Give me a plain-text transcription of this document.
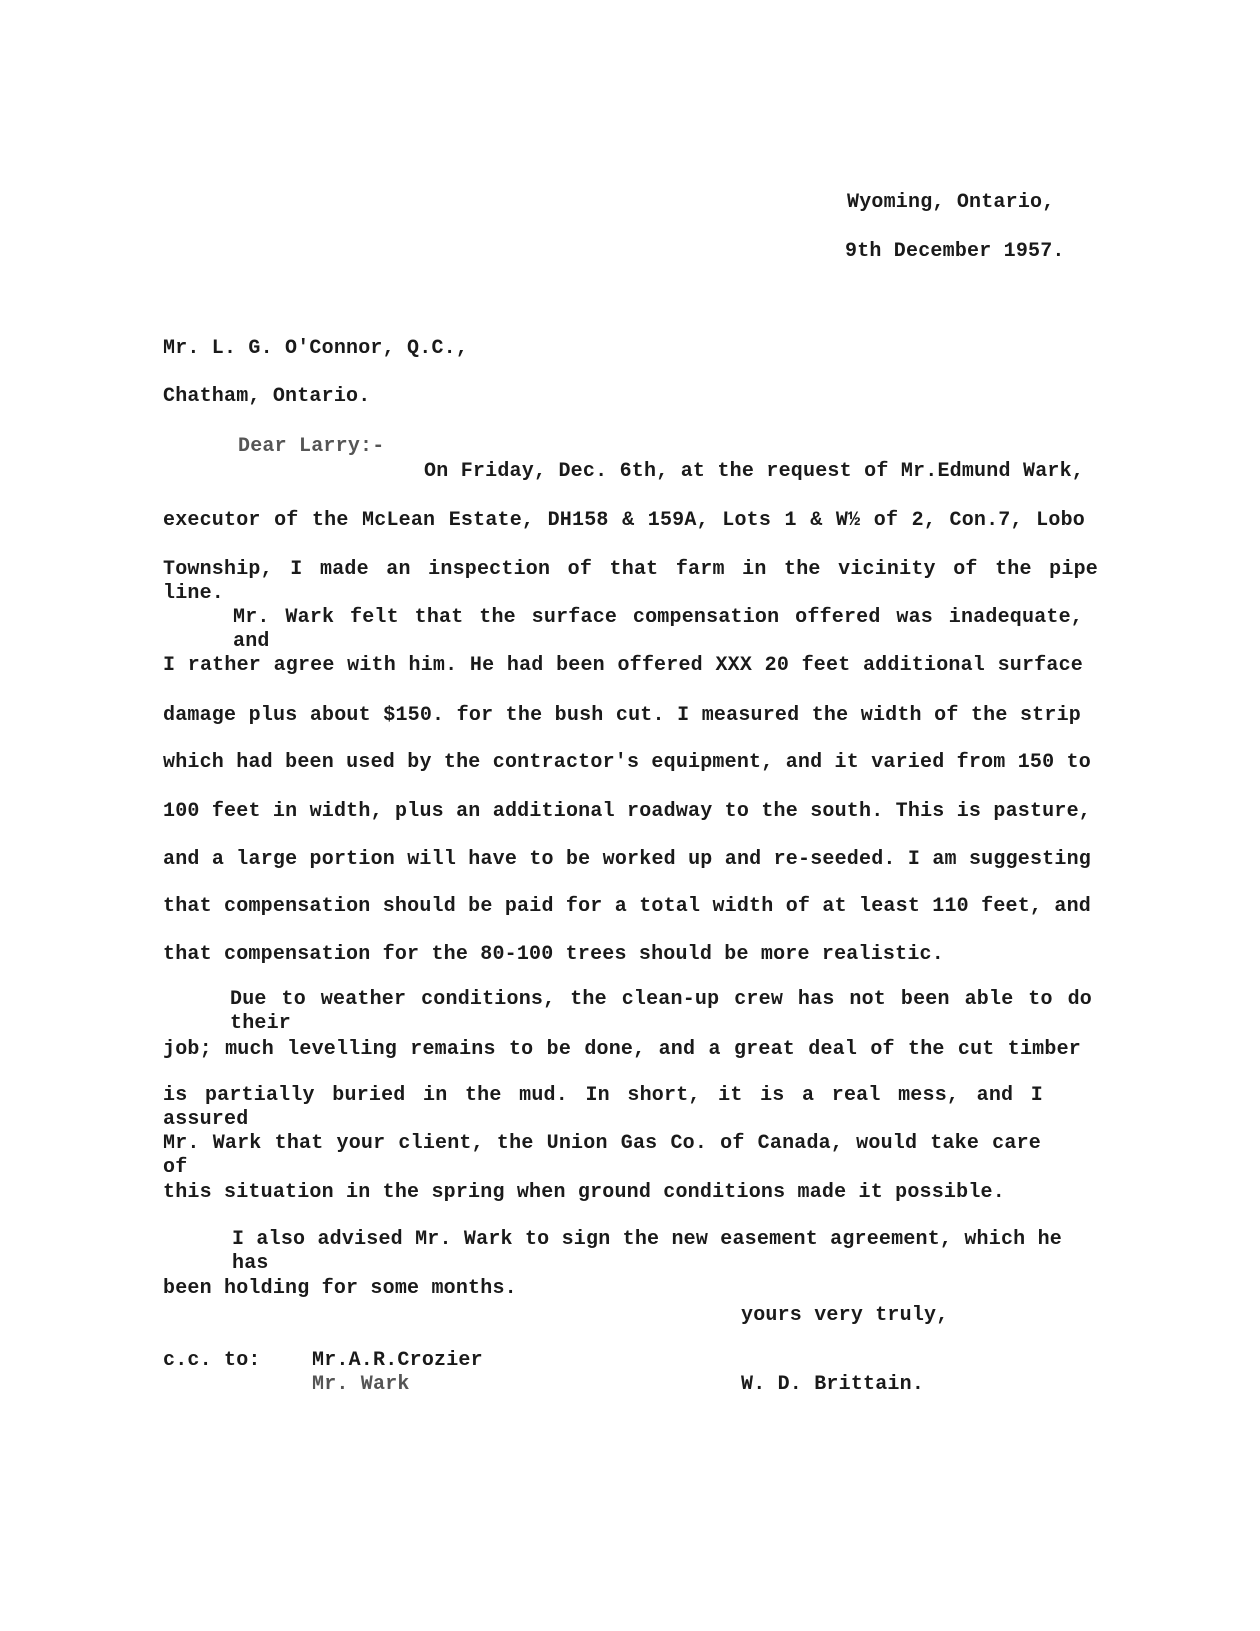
Wyoming, Ontario,
9th December 1957.
Mr. L. G. O'Connor, Q.C.,
Chatham, Ontario.
Dear Larry:-
On Friday, Dec. 6th, at the request of Mr.Edmund Wark,
executor of the McLean Estate, DH158 & 159A, Lots 1 & W½ of 2, Con.7, Lobo
Township, I made an inspection of that farm in the vicinity of the pipe line.
Mr. Wark felt that the surface compensation offered was inadequate, and
I rather agree with him. He had been offered XXX 20 feet additional surface
damage plus about $150. for the bush cut. I measured the width of the strip
which had been used by the contractor's equipment, and it varied from 150 to
100 feet in width, plus an additional roadway to the south. This is pasture,
and a large portion will have to be worked up and re-seeded. I am suggesting
that compensation should be paid for a total width of at least 110 feet, and
that compensation for the 80-100 trees should be more realistic.
Due to weather conditions, the clean-up crew has not been able to do their
job; much levelling remains to be done, and a great deal of the cut timber
is partially buried in the mud. In short, it is a real mess, and I assured
Mr. Wark that your client, the Union Gas Co. of Canada, would take care of
this situation in the spring when ground conditions made it possible.
I also advised Mr. Wark to sign the new easement agreement, which he has
been holding for some months.
yours very truly,
c.c. to:	Mr.A.R.Crozier
Mr. Wark	W. D. Brittain.
